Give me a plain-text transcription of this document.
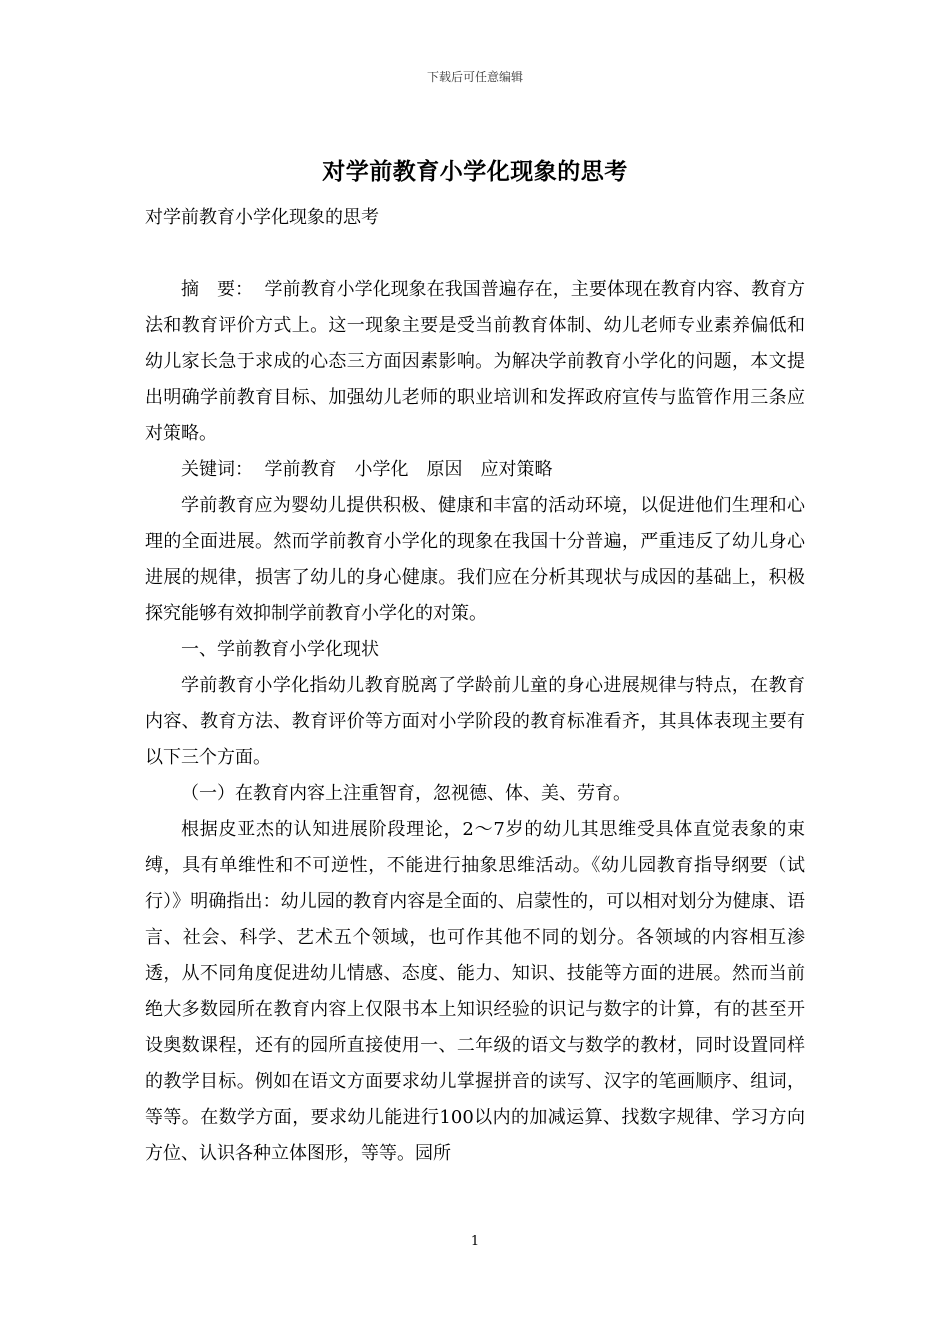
下载后可任意编辑
对学前教育小学化现象的思考

对学前教育小学化现象的思考

摘　要： 学前教育小学化现象在我国普遍存在，主要体现在教育内容、教育方法和教育评价方式上。这一现象主要是受当前教育体制、幼儿老师专业素养偏低和幼儿家长急于求成的心态三方面因素影响。为解决学前教育小学化的问题，本文提出明确学前教育目标、加强幼儿老师的职业培训和发挥政府宣传与监管作用三条应对策略。

关键词： 学前教育 小学化 原因 应对策略

学前教育应为婴幼儿提供积极、健康和丰富的活动环境，以促进他们生理和心理的全面进展。然而学前教育小学化的现象在我国十分普遍，严重违反了幼儿身心进展的规律，损害了幼儿的身心健康。我们应在分析其现状与成因的基础上，积极探究能够有效抑制学前教育小学化的对策。

一、学前教育小学化现状

学前教育小学化指幼儿教育脱离了学龄前儿童的身心进展规律与特点，在教育内容、教育方法、教育评价等方面对小学阶段的教育标准看齐，其具体表现主要有以下三个方面。

（一）在教育内容上注重智育，忽视德、体、美、劳育。

根据皮亚杰的认知进展阶段理论，2～7岁的幼儿其思维受具体直觉表象的束缚，具有单维性和不可逆性，不能进行抽象思维活动。《幼儿园教育指导纲要（试行）》明确指出：幼儿园的教育内容是全面的、启蒙性的，可以相对划分为健康、语言、社会、科学、艺术五个领域，也可作其他不同的划分。各领域的内容相互渗透，从不同角度促进幼儿情感、态度、能力、知识、技能等方面的进展。然而当前绝大多数园所在教育内容上仅限书本上知识经验的识记与数字的计算，有的甚至开设奥数课程，还有的园所直接使用一、二年级的语文与数学的教材，同时设置同样的教学目标。例如在语文方面要求幼儿掌握拼音的读写、汉字的笔画顺序、组词，等等。在数学方面，要求幼儿能进行100以内的加减运算、找数字规律、学习方向方位、认识各种立体图形，等等。园所

1
